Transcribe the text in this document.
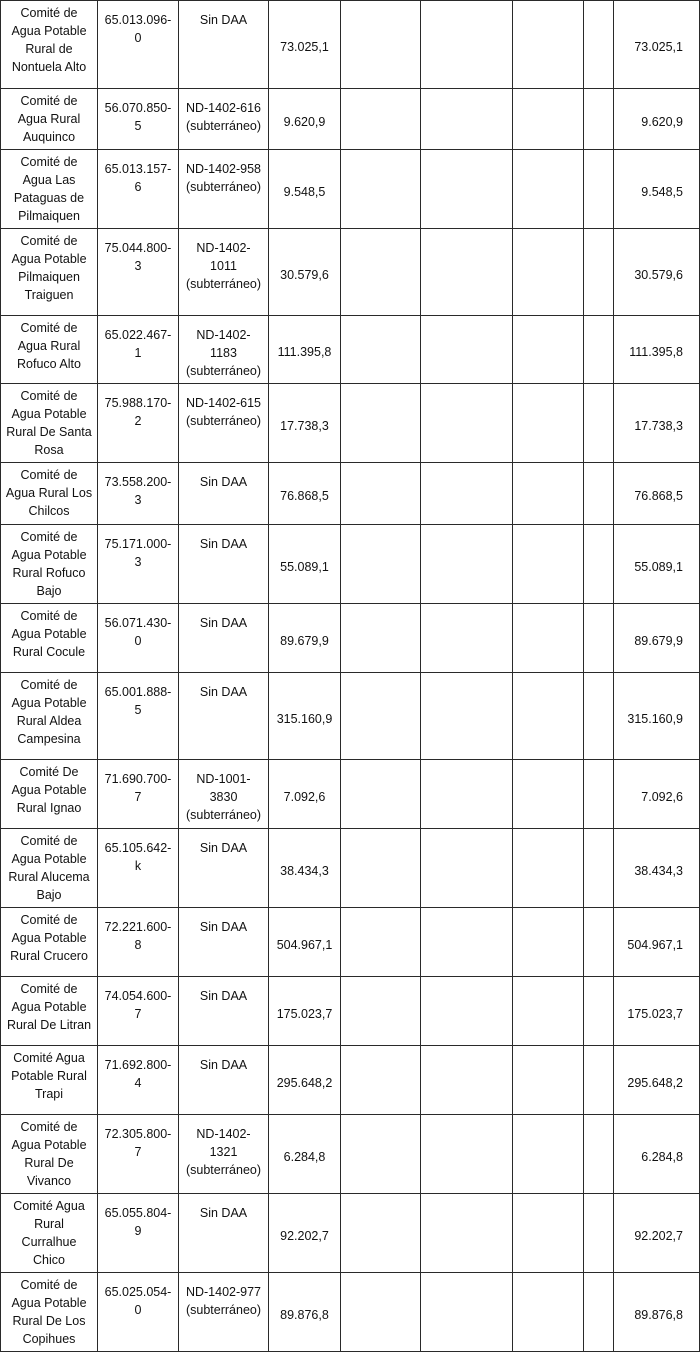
Comité de Agua Potable Rural de Nontuela Alto	65.013.096-0	Sin DAA	73.025,1					73.025,1
Comité de Agua Rural Auquinco	56.070.850-5	ND-1402-616 (subterráneo)	9.620,9					9.620,9
Comité de Agua Las Pataguas de Pilmaiquen	65.013.157-6	ND-1402-958 (subterráneo)	9.548,5					9.548,5
Comité de Agua Potable Pilmaiquen Traiguen	75.044.800-3	ND-1402-1011 (subterráneo)	30.579,6					30.579,6
Comité de Agua Rural Rofuco Alto	65.022.467-1	ND-1402-1183 (subterráneo)	111.395,8					111.395,8
Comité de Agua Potable Rural De Santa Rosa	75.988.170-2	ND-1402-615 (subterráneo)	17.738,3					17.738,3
Comité de Agua Rural Los Chilcos	73.558.200-3	Sin DAA	76.868,5					76.868,5
Comité de Agua Potable Rural Rofuco Bajo	75.171.000-3	Sin DAA	55.089,1					55.089,1
Comité de Agua Potable Rural Cocule	56.071.430-0	Sin DAA	89.679,9					89.679,9
Comité de Agua Potable Rural Aldea Campesina	65.001.888-5	Sin DAA	315.160,9					315.160,9
Comité De Agua Potable Rural Ignao	71.690.700-7	ND-1001-3830 (subterráneo)	7.092,6					7.092,6
Comité de Agua Potable Rural Alucema Bajo	65.105.642-k	Sin DAA	38.434,3					38.434,3
Comité de Agua Potable Rural Crucero	72.221.600-8	Sin DAA	504.967,1					504.967,1
Comité de Agua Potable Rural De Litran	74.054.600-7	Sin DAA	175.023,7					175.023,7
Comité Agua Potable Rural Trapi	71.692.800-4	Sin DAA	295.648,2					295.648,2
Comité de Agua Potable Rural De Vivanco	72.305.800-7	ND-1402-1321 (subterráneo)	6.284,8					6.284,8
Comité Agua Rural Curralhue Chico	65.055.804-9	Sin DAA	92.202,7					92.202,7
Comité de Agua Potable Rural De Los Copihues	65.025.054-0	ND-1402-977 (subterráneo)	89.876,8					89.876,8
